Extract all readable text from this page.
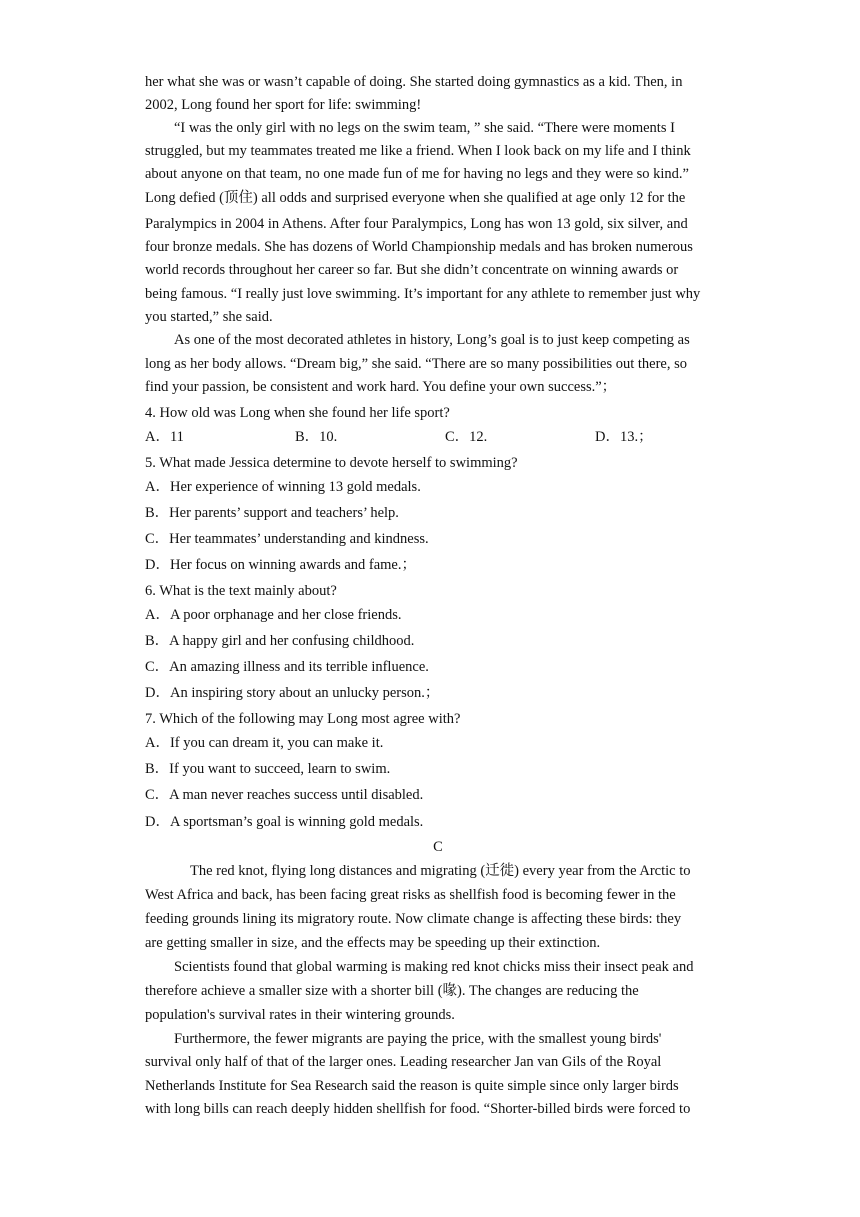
her what she was or wasn’t capable of doing. She started doing gymnastics as a kid. Then, in
2002, Long found her sport for life: swimming!
“I was the only girl with no legs on the swim team, ” she said. “There were moments I
struggled, but my teammates treated me like a friend. When I look back on my life and I think
about anyone on that team, no one made fun of me for having no legs and they were so kind.”
Long defied (顶住) all odds and surprised everyone when she qualified at age only 12 for the
Paralympics in 2004 in Athens. After four Paralympics, Long has won 13 gold, six silver, and
four bronze medals. She has dozens of World Championship medals and has broken numerous
world records throughout her career so far. But she didn’t concentrate on winning awards or
being famous. “I really just love swimming. It’s important for any athlete to remember just why
you started,” she said.
As one of the most decorated athletes in history, Long’s goal is to just keep competing as
long as her body allows. “Dream big,” she said. “There are so many possibilities out there, so
find your passion, be consistent and work hard. You define your own success.”；
4. How old was Long when she found her life sport?
A．11	B．10.	C．12.	D．13.；
5. What made Jessica determine to devote herself to swimming?
A．Her experience of winning 13 gold medals.
B．Her parents’ support and teachers’ help.
C．Her teammates’ understanding and kindness.
D．Her focus on winning awards and fame.；
6. What is the text mainly about?
A．A poor orphanage and her close friends.
B．A happy girl and her confusing childhood.
C．An amazing illness and its terrible influence.
D．An inspiring story about an unlucky person.；
7. Which of the following may Long most agree with?
A．If you can dream it, you can make it.
B．If you want to succeed, learn to swim.
C．A man never reaches success until disabled.
D．A sportsman’s goal is winning gold medals.
C
The red knot, flying long distances and migrating (迁徙) every year from the Arctic to
West Africa and back, has been facing great risks as shellfish food is becoming fewer in the
feeding grounds lining its migratory route. Now climate change is affecting these birds: they
are getting smaller in size, and the effects may be speeding up their extinction.
Scientists found that global warming is making red knot chicks miss their insect peak and
therefore achieve a smaller size with a shorter bill (喙). The changes are reducing the
population's survival rates in their wintering grounds.
Furthermore, the fewer migrants are paying the price, with the smallest young birds'
survival only half of that of the larger ones. Leading researcher Jan van Gils of the Royal
Netherlands Institute for Sea Research said the reason is quite simple since only larger birds
with long bills can reach deeply hidden shellfish for food. “Shorter-billed birds were forced to
